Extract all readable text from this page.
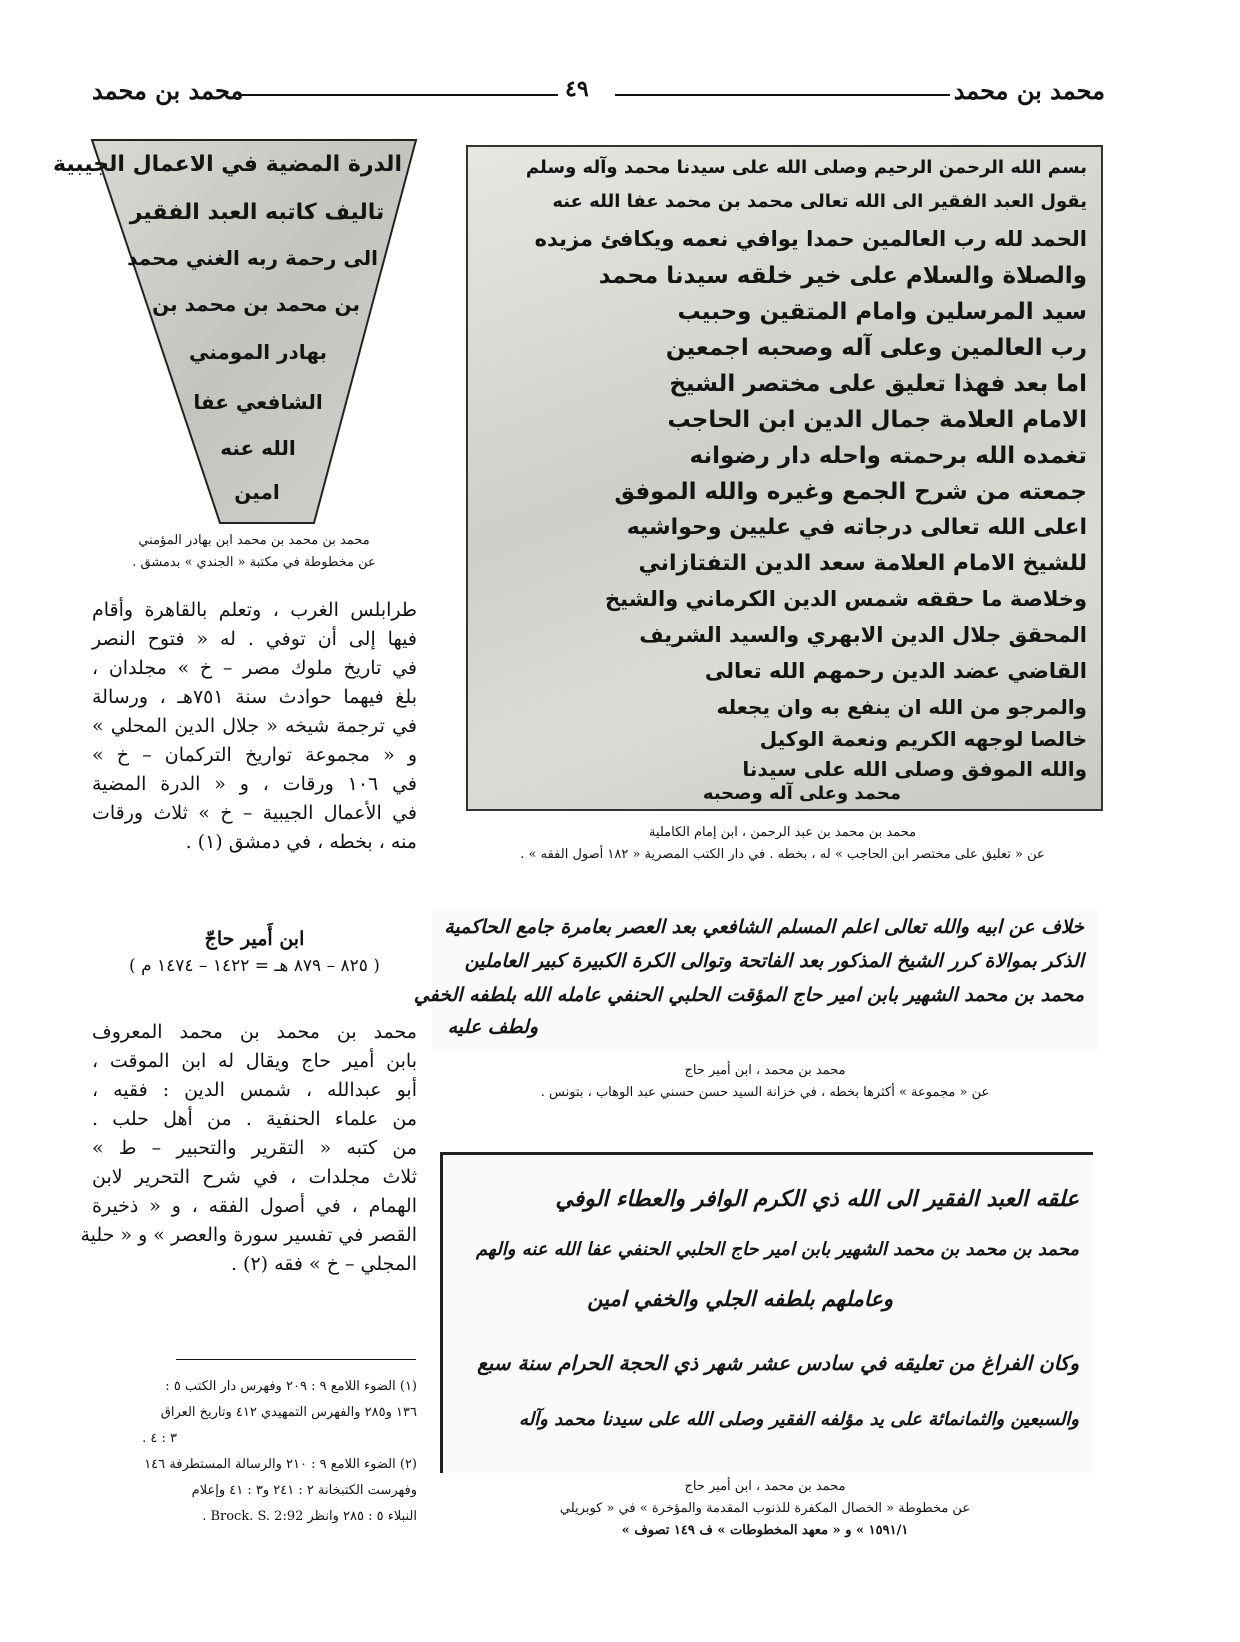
محمد بن محمد
٤٩
محمد بن محمد
الدرة المضية في الاعمال الجيبية
تاليف كاتبه العبد الفقير
الى رحمة ربه الغني محمد
بن محمد بن محمد بن
بهادر المومني
الشافعي عفا
الله عنه
امين
محمد بن محمد بن محمد ابن بهادر المؤمني
عن مخطوطة في مكتبة « الجندي » بدمشق .
بسم الله الرحمن الرحيم وصلى الله على سيدنا محمد وآله وسلم
يقول العبد الفقير الى الله تعالى محمد بن محمد عفا الله عنه
الحمد لله رب العالمين حمدا يوافي نعمه ويكافئ مزيده
والصلاة والسلام على خير خلقه سيدنا محمد
سيد المرسلين وامام المتقين وحبيب
رب العالمين وعلى آله وصحبه اجمعين
اما بعد فهذا تعليق على مختصر الشيخ
الامام العلامة جمال الدين ابن الحاجب
تغمده الله برحمته واحله دار رضوانه
جمعته من شرح الجمع وغيره والله الموفق
اعلى الله تعالى درجاته في عليين وحواشيه
للشيخ الامام العلامة سعد الدين التفتازاني
وخلاصة ما حققه شمس الدين الكرماني والشيخ
المحقق جلال الدين الابهري والسيد الشريف
القاضي عضد الدين رحمهم الله تعالى
والمرجو من الله ان ينفع به وان يجعله
خالصا لوجهه الكريم ونعمة الوكيل
والله الموفق وصلى الله على سيدنا
محمد وعلى آله وصحبه
محمد بن محمد بن عبد الرحمن ، ابن إمام الكاملية
عن « تعليق على مختصر ابن الحاجب » له ، بخطه . في دار الكتب المصرية « ١٨٢ أصول الفقه » .
خلاف عن ابيه والله تعالى اعلم المسلم الشافعي بعد العصر بعامرة جامع الحاكمية
الذكر بموالاة كرر الشيخ المذكور بعد الفاتحة وتوالى الكرة الكبيرة كبير العاملين
محمد بن محمد الشهير بابن امير حاج المؤقت الحلبي الحنفي عامله الله بلطفه الخفي
ولطف عليه
محمد بن محمد ، ابن أمير حاج
عن « مجموعة » أكثرها بخطه ، في خزانة السيد حسن حسني عبد الوهاب ، بتونس .
علقه العبد الفقير الى الله ذي الكرم الوافر والعطاء الوفي
محمد بن محمد بن محمد الشهير بابن امير حاج الحلبي الحنفي عفا الله عنه والهم
وعاملهم بلطفه الجلي والخفي امين
وكان الفراغ من تعليقه في سادس عشر شهر ذي الحجة الحرام سنة سبع
والسبعين والثمانمائة على يد مؤلفه الفقير وصلى الله على سيدنا محمد وآله
محمد بن محمد ، ابن أمير حاج
عن مخطوطة « الخصال المكفرة للذنوب المقدمة والمؤخرة » في « كوبريلي
١٥٩١/١ » و « معهد المخطوطات » ف ١٤٩ تصوف »
طرابلس الغرب ، وتعلم بالقاهرة وأقام
فيها إلى أن توفي . له « فتوح النصر
في تاريخ ملوك مصر – خ » مجلدان ،
بلغ فيهما حوادث سنة ٧٥١هـ ، ورسالة
في ترجمة شيخه « جلال الدين المحلي »
و « مجموعة تواريخ التركمان – خ »
في ١٠٦ ورقات ، و « الدرة المضية
في الأعمال الجيبية – خ » ثلاث ورقات
منه ، بخطه ، في دمشق (١) .
ابن أَمير حاجّ
( ٨٢٥ – ٨٧٩ هـ = ١٤٢٢ – ١٤٧٤ م )
محمد بن محمد بن محمد المعروف
بابن أمير حاج ويقال له ابن الموقت ،
أبو عبدالله ، شمس الدين : فقيه ،
من علماء الحنفية . من أهل حلب .
من كتبه « التقرير والتحبير – ط »
ثلاث مجلدات ، في شرح التحرير لابن
الهمام ، في أصول الفقه ، و « ذخيرة
القصر في تفسير سورة والعصر » و « حلية
المجلي – خ » فقه (٢) .
(١) الضوء اللامع ٩ : ٢٠٩ وفهرس دار الكتب ٥ :
١٣٦ و٢٨٥ والفهرس التمهيدي ٤١٢ وتاريخ العراق
٣ : ٤ .
(٢) الضوء اللامع ٩ : ٢١٠ والرسالة المستطرفة ١٤٦
وفهرست الكتبخانة ٢ : ٢٤١ و٣ : ٤١ وإعلام
النبلاء ٥ : ٢٨٥ وانظر Brock. S. 2:92 .
